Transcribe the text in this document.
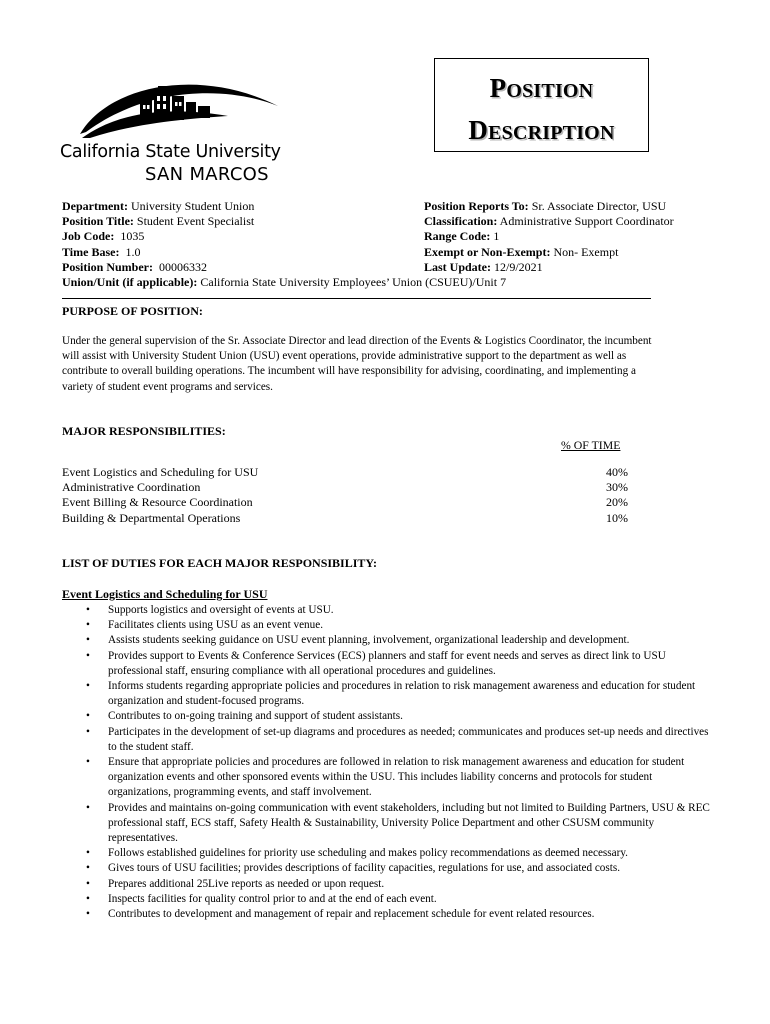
California State University
SAN MARCOS
POSITION
DESCRIPTION
Department: University Student Union
Position Title: Student Event Specialist
Job Code:  1035
Time Base:  1.0
Position Number:  00006332
Union/Unit (if applicable): California State University Employees’ Union (CSUEU)/Unit 7
Position Reports To: Sr. Associate Director, USU
Classification: Administrative Support Coordinator
Range Code: 1
Exempt or Non-Exempt: Non- Exempt
Last Update: 12/9/2021
PURPOSE OF POSITION:

Under the general supervision of the Sr. Associate Director and lead direction of the Events & Logistics Coordinator, the incumbent will assist with University Student Union (USU) event operations, provide administrative support to the department as well as contribute to overall building operations. The incumbent will have responsibility for advising, coordinating, and implementing a variety of student event programs and services.

MAJOR RESPONSIBILITIES:
% OF TIME
Event Logistics and Scheduling for USU	40%
Administrative Coordination	30%
Event Billing & Resource Coordination	20%
Building & Departmental Operations	10%
LIST OF DUTIES FOR EACH MAJOR RESPONSIBILITY:
Event Logistics and Scheduling for USU
• Supports logistics and oversight of events at USU.
• Facilitates clients using USU as an event venue.
• Assists students seeking guidance on USU event planning, involvement, organizational leadership and development.
• Provides support to Events & Conference Services (ECS) planners and staff for event needs and serves as direct link to USU professional staff, ensuring compliance with all operational procedures and guidelines.
• Informs students regarding appropriate policies and procedures in relation to risk management awareness and education for student organization and student-focused programs.
• Contributes to on-going training and support of student assistants.
• Participates in the development of set-up diagrams and procedures as needed; communicates and produces set-up needs and directives to the student staff.
• Ensure that appropriate policies and procedures are followed in relation to risk management awareness and education for student organization events and other sponsored events within the USU. This includes liability concerns and protocols for student organizations, programming events, and staff involvement.
• Provides and maintains on-going communication with event stakeholders, including but not limited to Building Partners, USU & REC professional staff, ECS staff, Safety Health & Sustainability, University Police Department and other CSUSM community representatives.
• Follows established guidelines for priority use scheduling and makes policy recommendations as deemed necessary.
• Gives tours of USU facilities; provides descriptions of facility capacities, regulations for use, and associated costs.
• Prepares additional 25Live reports as needed or upon request.
• Inspects facilities for quality control prior to and at the end of each event.
• Contributes to development and management of repair and replacement schedule for event related resources.
